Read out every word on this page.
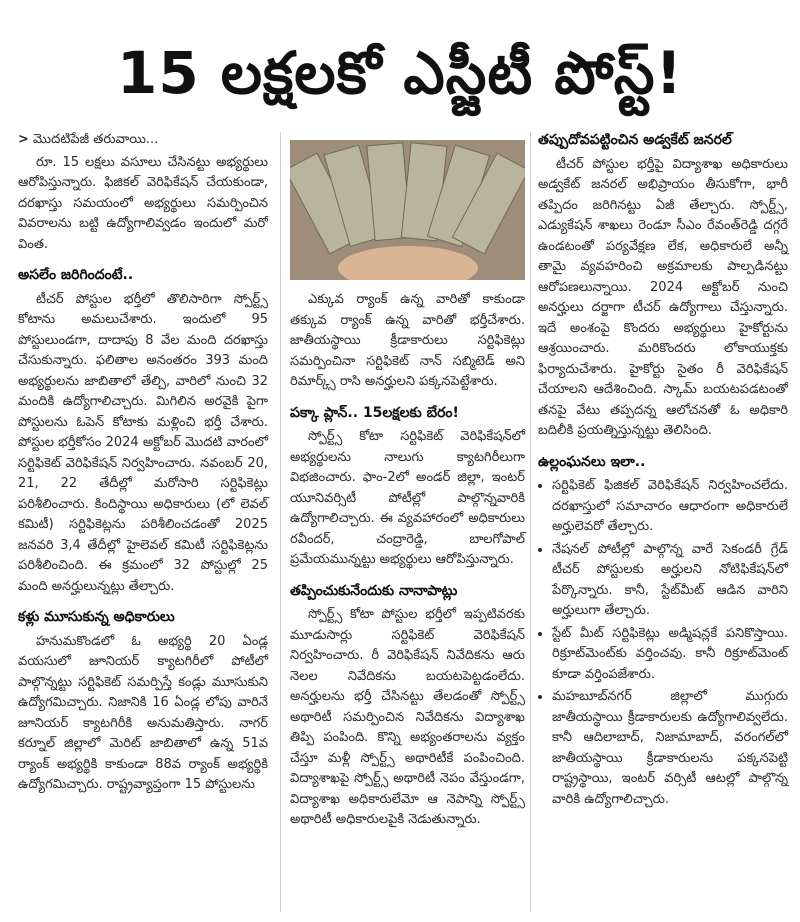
15 లక్షలకో ఎస్జీటీ పోస్ట్!
> మొదటిపేజీ తరువాయి...

రూ. 15 లక్షలు వసూలు చేసినట్టు అభ్యర్థులు ఆరోపిస్తున్నారు. ఫిజికల్ వెరిఫికేషన్ చేయకుండా, దరఖాస్తు సమయంలో అభ్యర్థులు సమర్పించిన వివరాలను బట్టి ఉద్యోగాలివ్వడం ఇందులో మరో వింత.

అసలేం జరిగిందంటే..

టీచర్ పోస్టుల భర్తీలో తొలిసారిగా స్పోర్ట్స్ కోటాను అమలుచేశారు. ఇందులో 95 పోస్టులుండగా, దాదాపు 8 వేల మంది దరఖాస్తు చేసుకున్నారు. ఫలితాల అనంతరం 393 మంది అభ్యర్థులను జాబితాలో తేల్చి, వారిలో నుంచి 32 మందికి ఉద్యోగాలిచ్చారు. మిగిలిన అరవైకి పైగా పోస్టులను ఓపెన్ కోటాకు మళ్లించి భర్తీ చేశారు. పోస్టుల భర్తీకోసం 2024 అక్టోబర్ మొదటి వారంలో సర్టిఫికెట్ వెరిఫికేషన్ నిర్వహించారు. నవంబర్ 20, 21, 22 తేదీల్లో మరోసారి సర్టిఫికెట్లు పరిశీలించారు. కిందిస్థాయి అధికారులు (లో లెవల్ కమిటీ) సర్టిఫికెట్లను పరిశీలించడంతో 2025 జనవరి 3,4 తేదీల్లో హైలెవల్ కమిటీ సర్టిఫికెట్లను పరిశీలించింది. ఈ క్రమంలో 32 పోస్టుల్లో 25 మంది అనర్హులున్నట్లు తేల్చారు.

కళ్లు మూసుకున్న అధికారులు

హనుమకొండలో ఓ అభ్యర్థి 20 ఏండ్ల వయసులో జూనియర్ క్యాటగిరీలో పోటీలో పాల్గొన్నట్టు సర్టిఫికెట్ సమర్పిస్తే కండ్లు మూసుకుని ఉద్యోగమిచ్చారు. నిజానికి 16 ఏండ్ల లోపు వారినే జూనియర్ క్యాటగిరీకి అనుమతిస్తారు. నాగర్ కర్నూల్ జిల్లాలో మెరిట్ జాబితాలో ఉన్న 51వ ర్యాంక్ అభ్యర్థికి కాకుండా 88వ ర్యాంక్ అభ్యర్థికి ఉద్యోగమిచ్చారు. రాష్ట్రవ్యాప్తంగా 15 పోస్టులను

ఎక్కువ ర్యాంక్ ఉన్న వారితో కాకుండా తక్కువ ర్యాంక్ ఉన్న వారితో భర్తీచేశారు. జాతీయస్థాయి క్రీడాకారులు సర్టిఫికెట్లు సమర్పించినా సర్టిఫికెట్ నాన్ సబ్మిటెడ్ అని రిమార్క్స్ రాసి అనర్హులని పక్కనపెట్టేశారు.

పక్కా ప్లాన్.. 15లక్షలకు బేరం!

స్పోర్ట్స్ కోటా సర్టిఫికెట్ వెరిఫికేషన్‌లో అభ్యర్థులను నాలుగు క్యాటగిరీలుగా విభజించారు. ఫాం-2లో అండర్ జిల్లా, ఇంటర్ యూనివర్సిటీ పోటీల్లో పాల్గొన్నవారికి ఉద్యోగాలిచ్చారు. ఈ వ్యవహారంలో అధికారులు రవీందర్, చంద్రారెడ్డి, బాలగోపాల్ ప్రమేయమున్నట్టు అభ్యర్థులు ఆరోపిస్తున్నారు.

తప్పించుకునేందుకు నానాపాట్లు

స్పోర్ట్స్ కోటా పోస్టుల భర్తీలో ఇప్పటివరకు మూడుసార్లు సర్టిఫికెట్ వెరిఫికేషన్ నిర్వహించారు. రీ వెరిఫికేషన్ నివేదికను ఆరు నెలల నివేదికను బయటపెట్టడంలేదు. అనర్హులను భర్తీ చేసినట్టు తేలడంతో స్పోర్ట్స్ అథారిటీ సమర్పించిన నివేదికను విద్యాశాఖ తిప్పి పంపింది. కొన్ని అభ్యంతరాలను వ్యక్తం చేస్తూ మళ్లీ స్పోర్ట్స్ అథారిటీకే పంపించింది. విద్యాశాఖపై స్పోర్ట్స్ అథారిటీ నెపం వేస్తుండగా, విద్యాశాఖ అధికారులేమో ఆ నెపాన్ని స్పోర్ట్స్ అథారిటీ అధికారులపైకి నెడుతున్నారు.

తప్పుదోవపట్టించిన అడ్వకేట్ జనరల్

టీచర్ పోస్టుల భర్తీపై విద్యాశాఖ అధికారులు అడ్వకేట్ జనరల్ అభిప్రాయం తీసుకోగా, భారీ తప్పిదం జరిగినట్టు ఏజీ తేల్చారు. స్పోర్ట్స్, ఎడ్యుకేషన్ శాఖలు రెండూ సీఎం రేవంత్‌రెడ్డి దగ్గరే ఉండటంతో పర్యవేక్షణ లేక, అధికారులే అన్నీ తామై వ్యవహరించి అక్రమాలకు పాల్పడినట్టు ఆరోపణలున్నాయి. 2024 అక్టోబర్ నుంచి అనర్హులు దర్జాగా టీచర్ ఉద్యోగాలు చేస్తున్నారు. ఇదే అంశంపై కొందరు అభ్యర్థులు హైకోర్టును ఆశ్రయించారు. మరికొందరు లోకాయుక్తకు ఫిర్యాదుచేశారు. హైకోర్టు సైతం రీ వెరిఫికేషన్ చేయాలని ఆదేశించింది. స్కామ్ బయటపడటంతో తనపై వేటు తప్పదన్న ఆలోచనతో ఓ అధికారి బదిలీకి ప్రయత్నిస్తున్నట్టు తెలిసింది.

ఉల్లంఘనలు ఇలా..
• సర్టిఫికెట్ ఫిజికల్ వెరిఫికేషన్ నిర్వహించలేదు. దరఖాస్తులో సమాచారం ఆధారంగా అధికారులే అర్హులెవరో తేల్చారు.
• నేషనల్ పోటీల్లో పాల్గొన్న వారే సెకండరీ గ్రేడ్ టీచర్ పోస్టులకు అర్హులని నోటిఫికేషన్‌లో పేర్కొన్నారు. కానీ, స్టేట్‌మీట్ ఆడిన వారిని అర్హులుగా తేల్చారు.
• స్టేట్ మీట్ సర్టిఫికెట్లు అడ్మిషన్లకే పనికొస్తాయి. రిక్రూట్‌మెంట్‌కు వర్తించవు. కానీ రిక్రూట్‌మెంట్ కూడా వర్తింపజేశారు.
• మహబూబ్‌నగర్ జిల్లాలో ముగ్గురు జాతీయస్థాయి క్రీడాకారులకు ఉద్యోగాలివ్వలేదు. కానీ ఆదిలాబాద్, నిజామాబాద్, వరంగల్‌లో జాతీయస్థాయి క్రీడాకారులను పక్కనపెట్టి రాష్ట్రస్థాయి, ఇంటర్ వర్సిటీ ఆటల్లో పాల్గొన్న వారికి ఉద్యోగాలిచ్చారు.
